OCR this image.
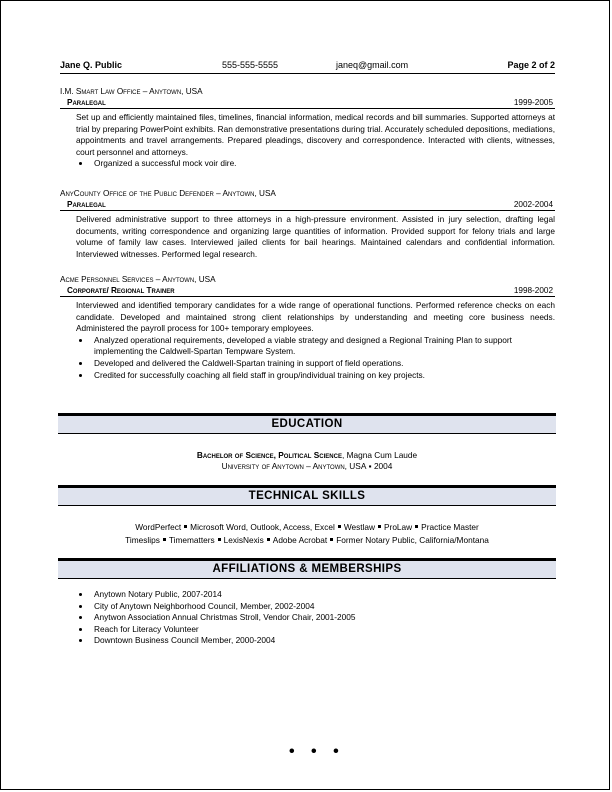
Jane Q. Public	555-555-5555	janeq@gmail.com	Page 2 of 2
I.M. Smart Law Office – Anytown, USA
Paralegal	1999-2005
Set up and efficiently maintained files, timelines, financial information, medical records and bill summaries. Supported attorneys at trial by preparing PowerPoint exhibits. Ran demonstrative presentations during trial. Accurately scheduled depositions, mediations, appointments and travel arrangements. Prepared pleadings, discovery and correspondence. Interacted with clients, witnesses, court personnel and attorneys.
Organized a successful mock voir dire.
AnyCounty Office of the Public Defender – Anytown, USA
Paralegal	2002-2004
Delivered administrative support to three attorneys in a high-pressure environment. Assisted in jury selection, drafting legal documents, writing correspondence and organizing large quantities of information. Provided support for felony trials and large volume of family law cases. Interviewed jailed clients for bail hearings. Maintained calendars and confidential information. Interviewed witnesses. Performed legal research.
Acme Personnel Services – Anytown, USA
Corporate/ Regional Trainer	1998-2002
Interviewed and identified temporary candidates for a wide range of operational functions. Performed reference checks on each candidate. Developed and maintained strong client relationships by understanding and meeting core business needs. Administered the payroll process for 100+ temporary employees.
Analyzed operational requirements, developed a viable strategy and designed a Regional Training Plan to support implementing the Caldwell-Spartan Tempware System.
Developed and delivered the Caldwell-Spartan training in support of field operations.
Credited for successfully coaching all field staff in group/individual training on key projects.
EDUCATION
Bachelor of Science, Political Science, Magna Cum Laude
University of Anytown – Anytown, USA ▪ 2004
TECHNICAL SKILLS
WordPerfect Microsoft Word, Outlook, Access, Excel Westlaw ProLaw Practice Master
Timeslips Timematters LexisNexis Adobe Acrobat Former Notary Public, California/Montana
AFFILIATIONS & MEMBERSHIPS
Anytown Notary Public, 2007-2014
City of Anytown Neighborhood Council, Member, 2002-2004
Anytwon Association Annual Christmas Stroll, Vendor Chair, 2001-2005
Reach for Literacy Volunteer
Downtown Business Council Member, 2000-2004
• • •
